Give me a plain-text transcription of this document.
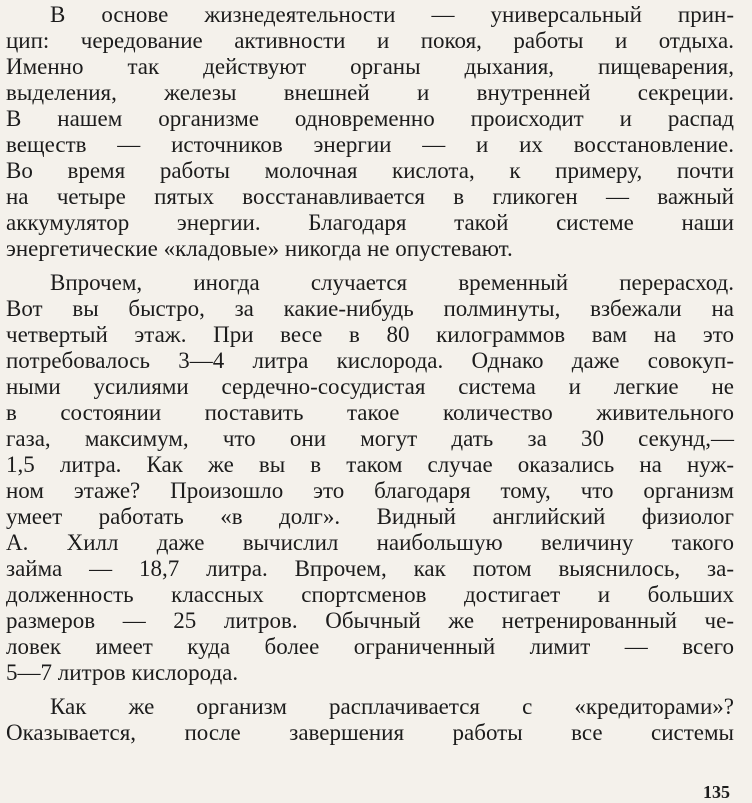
В основе жизнедеятельности — универсальный прин-
цип: чередование активности и покоя, работы и отдыха.
Именно так действуют органы дыхания, пищеварения,
выделения, железы внешней и внутренней секреции.
В нашем организме одновременно происходит и распад
веществ — источников энергии — и их восстановление.
Во время работы молочная кислота, к примеру, почти
на четыре пятых восстанавливается в гликоген — важный
аккумулятор энергии. Благодаря такой системе наши
энергетические «кладовые» никогда не опустевают.
Впрочем, иногда случается временный перерасход.
Вот вы быстро, за какие-нибудь полминуты, взбежали на
четвертый этаж. При весе в 80 килограммов вам на это
потребовалось 3—4 литра кислорода. Однако даже совокуп-
ными усилиями сердечно-сосудистая система и легкие не
в состоянии поставить такое количество живительного
газа, максимум, что они могут дать за 30 секунд,—
1,5 литра. Как же вы в таком случае оказались на нуж-
ном этаже? Произошло это благодаря тому, что организм
умеет работать «в долг». Видный английский физиолог
А. Хилл даже вычислил наибольшую величину такого
займа — 18,7 литра. Впрочем, как потом выяснилось, за-
долженность классных спортсменов достигает и больших
размеров — 25 литров. Обычный же нетренированный че-
ловек имеет куда более ограниченный лимит — всего
5—7 литров кислорода.
Как же организм расплачивается с «кредиторами»?
Оказывается, после завершения работы все системы
135
